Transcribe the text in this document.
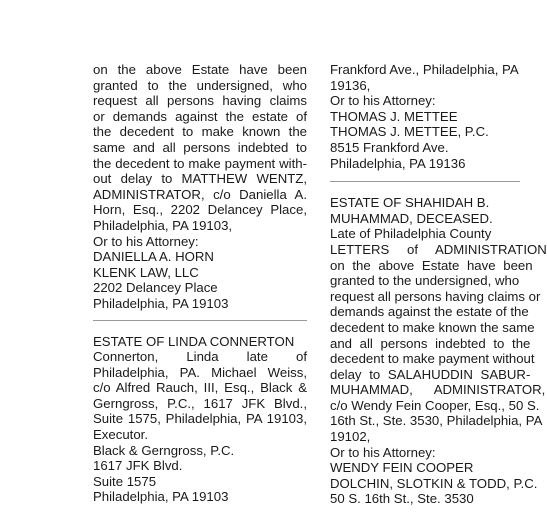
on the above Estate have been
granted to the undersigned, who
request all persons having claims
or demands against the estate of
the decedent to make known the
same and all persons indebted to
the decedent to make payment with-
out delay to MATTHEW WENTZ,
ADMINISTRATOR, c/o Daniella A.
Horn, Esq., 2202 Delancey Place,
Philadelphia, PA 19103,
Or to his Attorney:
DANIELLA A. HORN
KLENK LAW, LLC
2202 Delancey Place
Philadelphia, PA 19103
ESTATE OF LINDA CONNERTON
Connerton, Linda late of
Philadelphia, PA. Michael Weiss,
c/o Alfred Rauch, III, Esq., Black &
Gerngross, P.C., 1617 JFK Blvd.,
Suite 1575, Philadelphia, PA 19103,
Executor.
Black & Gerngross, P.C.
1617 JFK Blvd.
Suite 1575
Philadelphia, PA 19103
Frankford Ave., Philadelphia, PA
19136,
Or to his Attorney:
THOMAS J. METTEE
THOMAS J. METTEE, P.C.
8515 Frankford Ave.
Philadelphia, PA 19136
ESTATE OF SHAHIDAH B.
MUHAMMAD, DECEASED.
Late of Philadelphia County
LETTERS of ADMINISTRATION
on the above Estate have been
granted to the undersigned, who
request all persons having claims or
demands against the estate of the
decedent to make known the same
and all persons indebted to the
decedent to make payment without
delay to SALAHUDDIN SABUR-
MUHAMMAD, ADMINISTRATOR,
c/o Wendy Fein Cooper, Esq., 50 S.
16th St., Ste. 3530, Philadelphia, PA
19102,
Or to his Attorney:
WENDY FEIN COOPER
DOLCHIN, SLOTKIN & TODD, P.C.
50 S. 16th St., Ste. 3530
